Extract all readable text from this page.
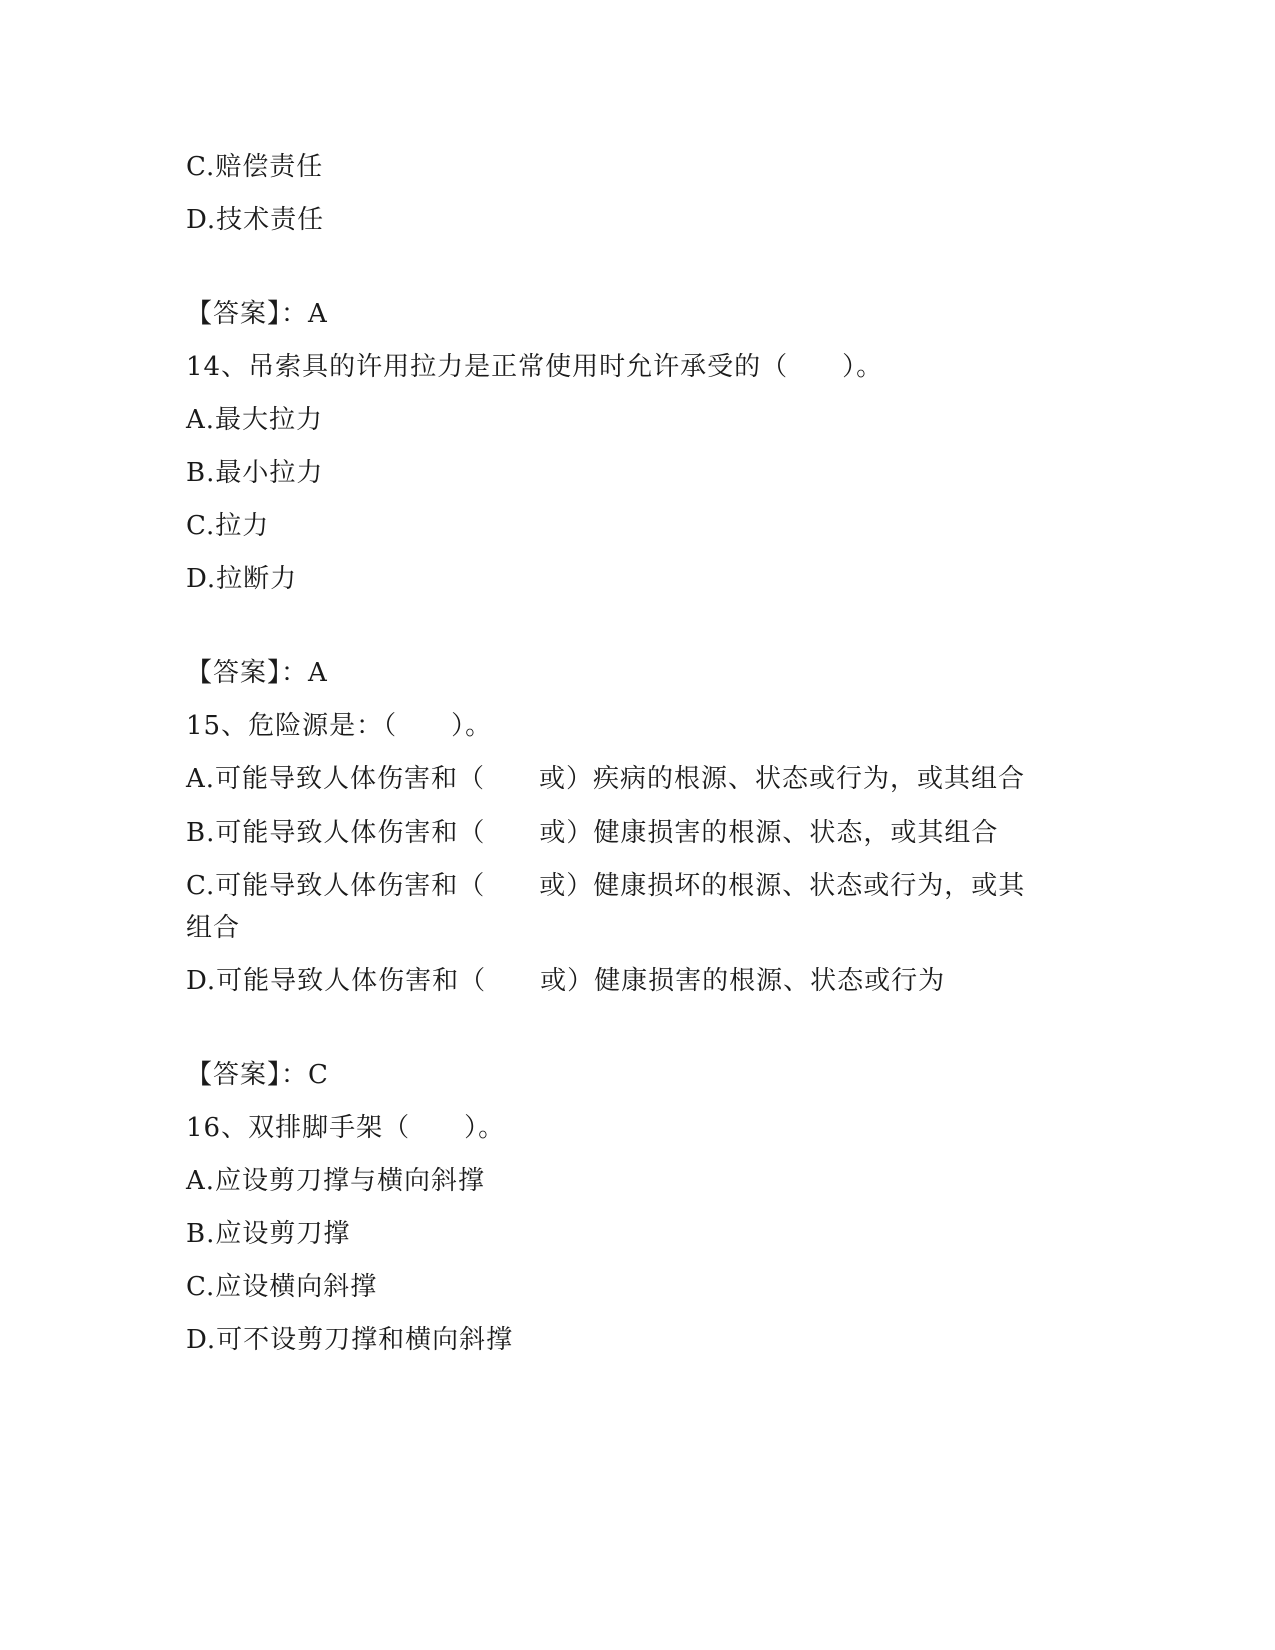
C.赔偿责任
D.技术责任
【答案】：A
14、吊索具的许用拉力是正常使用时允许承受的（　　）。
A.最大拉力
B.最小拉力
C.拉力
D.拉断力
【答案】：A
15、危险源是：（　　）。
A.可能导致人体伤害和（　　或）疾病的根源、状态或行为，或其组合
B.可能导致人体伤害和（　　或）健康损害的根源、状态，或其组合
C.可能导致人体伤害和（　　或）健康损坏的根源、状态或行为，或其
组合
D.可能导致人体伤害和（　　或）健康损害的根源、状态或行为
【答案】：C
16、双排脚手架（　　）。
A.应设剪刀撑与横向斜撑
B.应设剪刀撑
C.应设横向斜撑
D.可不设剪刀撑和横向斜撑
